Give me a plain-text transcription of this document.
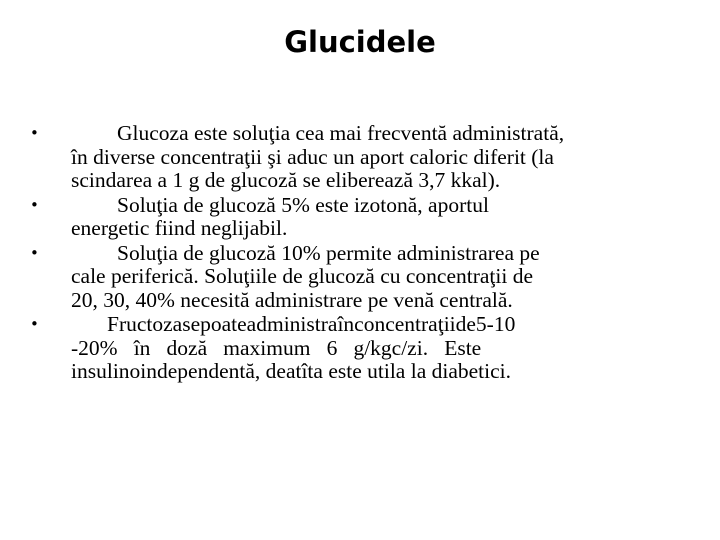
Glucidele
•	Glucoza este soluţia cea mai frecventă administrată,
în diverse concentraţii şi aduc un aport caloric diferit (la
scindarea a 1 g de glucoză se eliberează 3,7 kkal).
•	Soluţia de glucoză 5% este izotonă, aportul
energetic fiind neglijabil.
•	Soluţia de glucoză 10% permite administrarea pe
cale periferică. Soluţiile de glucoză cu concentraţii de
20, 30, 40% necesită administrare pe venă centrală.
•	Fructozasepoateadministraînconcentraţiide5-10
-20%   în   doză   maximum   6   g/kgc/zi.   Este
insulinoindependentă, deatîta este utila la diabetici.
